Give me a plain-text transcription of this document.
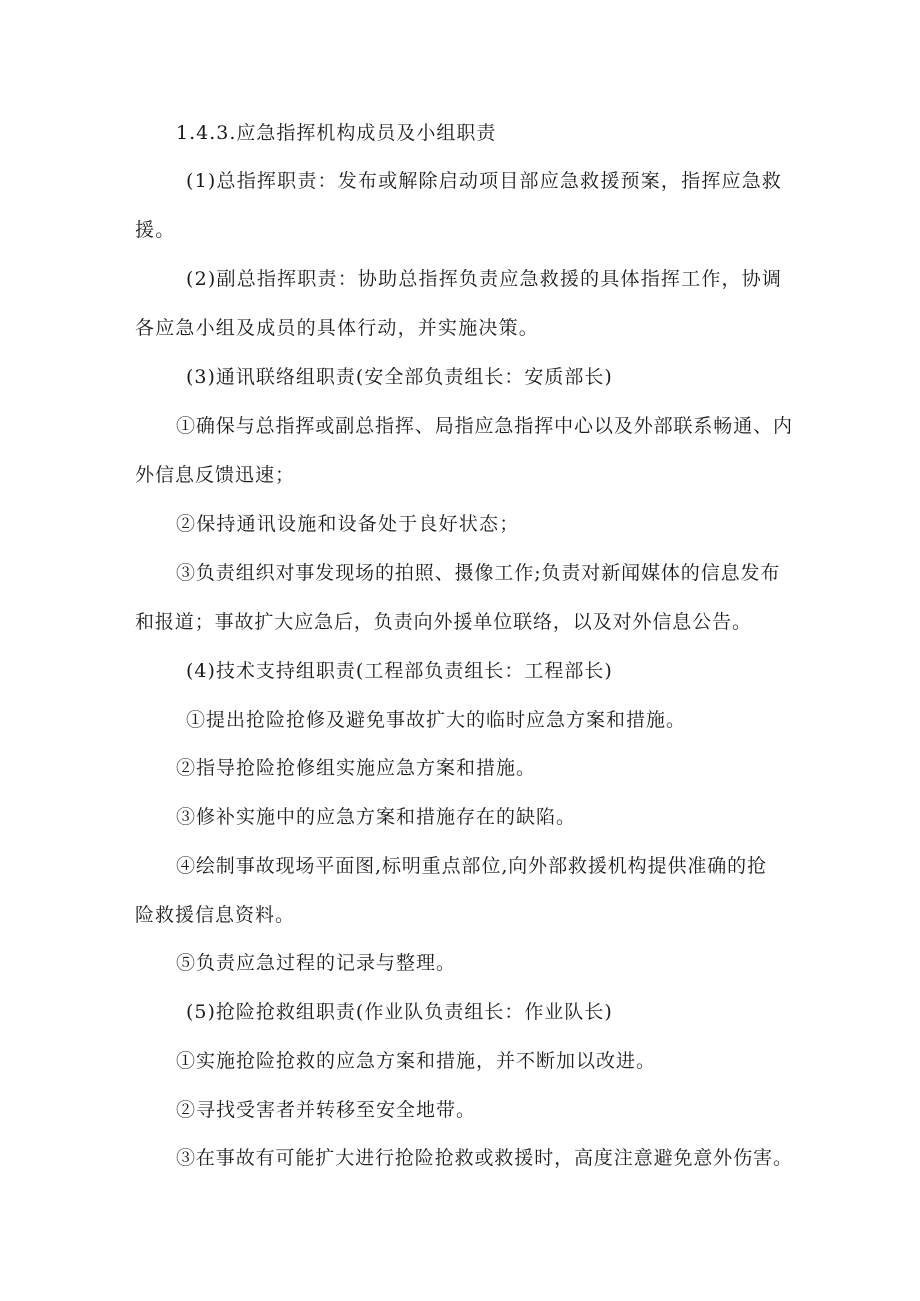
1.4.3.应急指挥机构成员及小组职责
(1)总指挥职责：发布或解除启动项目部应急救援预案，指挥应急救
援。
(2)副总指挥职责：协助总指挥负责应急救援的具体指挥工作，协调
各应急小组及成员的具体行动，并实施决策。
(3)通讯联络组职责(安全部负责组长：安质部长)
①确保与总指挥或副总指挥、局指应急指挥中心以及外部联系畅通、内
外信息反馈迅速；
②保持通讯设施和设备处于良好状态；
③负责组织对事发现场的拍照、摄像工作;负责对新闻媒体的信息发布
和报道；事故扩大应急后，负责向外援单位联络，以及对外信息公告。
(4)技术支持组职责(工程部负责组长：工程部长)
①提出抢险抢修及避免事故扩大的临时应急方案和措施。
②指导抢险抢修组实施应急方案和措施。
③修补实施中的应急方案和措施存在的缺陷。
④绘制事故现场平面图,标明重点部位,向外部救援机构提供准确的抢
险救援信息资料。
⑤负责应急过程的记录与整理。
(5)抢险抢救组职责(作业队负责组长：作业队长)
①实施抢险抢救的应急方案和措施，并不断加以改进。
②寻找受害者并转移至安全地带。
③在事故有可能扩大进行抢险抢救或救援时，高度注意避免意外伤害。
